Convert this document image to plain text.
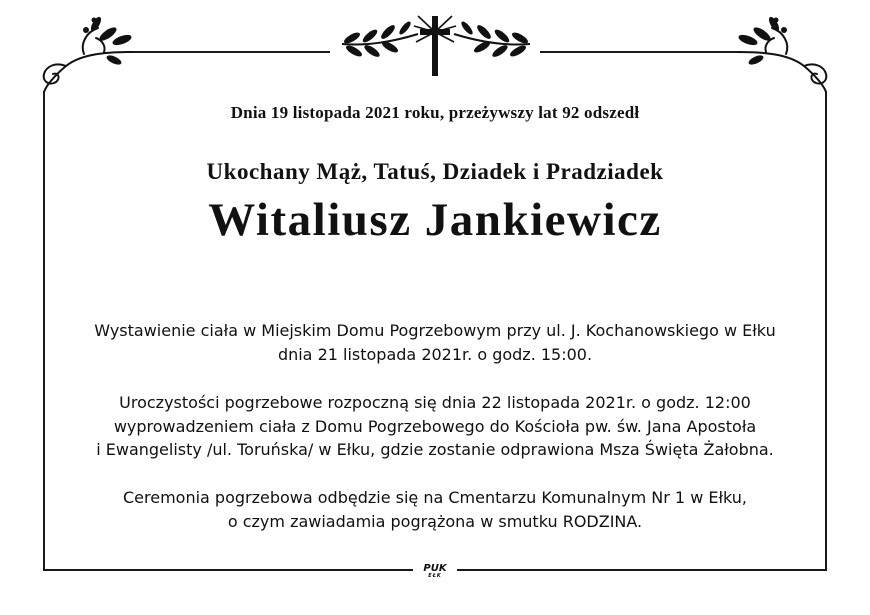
Dnia 19 listopada 2021 roku, przeżywszy lat 92 odszedł
Ukochany Mąż, Tatuś, Dziadek i Pradziadek
Witaliusz Jankiewicz
Wystawienie ciała w Miejskim Domu Pogrzebowym przy ul. J. Kochanowskiego w Ełku
dnia 21 listopada 2021r. o godz. 15:00.
Uroczystości pogrzebowe rozpoczną się dnia 22 listopada 2021r. o godz. 12:00
wyprowadzeniem ciała z Domu Pogrzebowego do Kościoła pw. św. Jana Apostoła
i Ewangelisty /ul. Toruńska/ w Ełku, gdzie zostanie odprawiona Msza Święta Żałobna.
Ceremonia pogrzebowa odbędzie się na Cmentarzu Komunalnym Nr 1 w Ełku,
o czym zawiadamia pogrążona w smutku RODZINA.
PUK
EŁK
